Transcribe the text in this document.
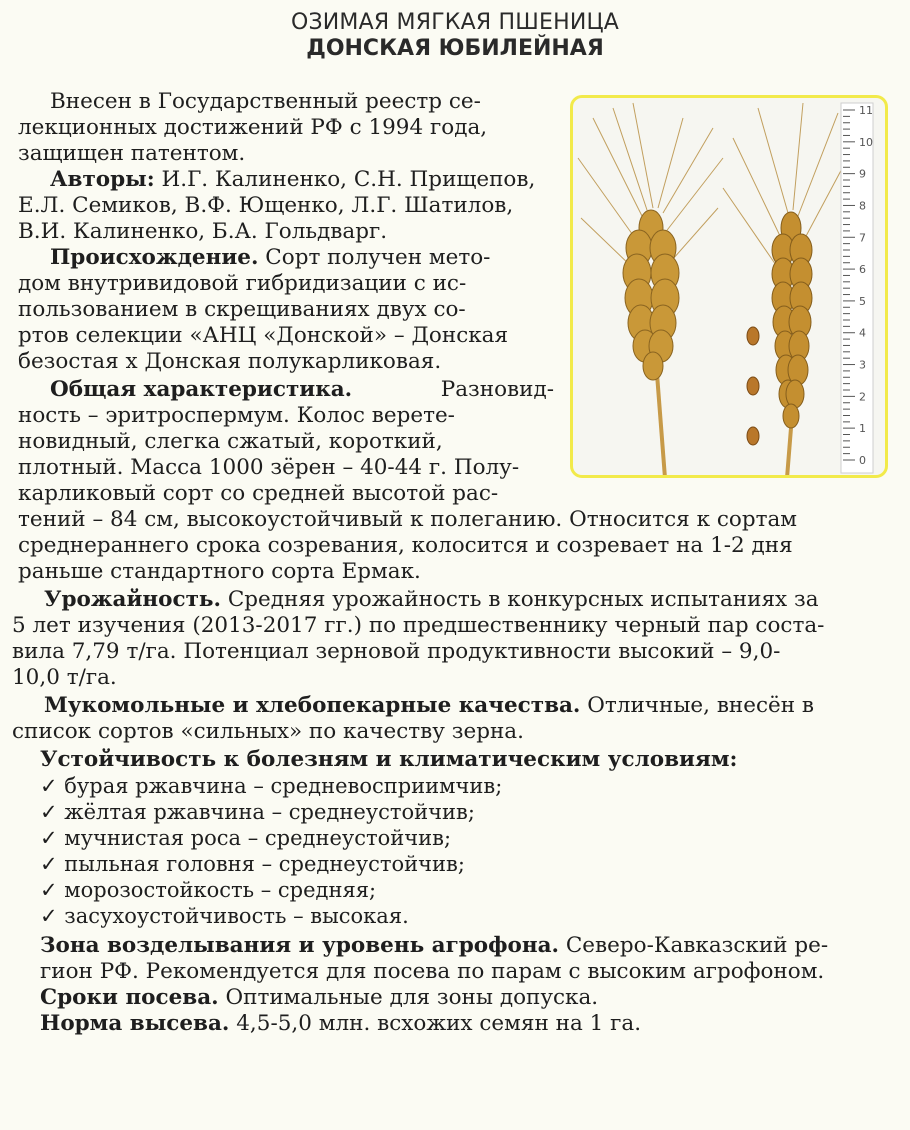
ОЗИМАЯ МЯГКАЯ ПШЕНИЦА
ДОНСКАЯ ЮБИЛЕЙНАЯ
11
10
9
8
7
6
5
4
3
2
1
0
Внесен в Государственный реестр се-
лекционных достижений РФ с 1994 года,
защищен патентом.
Авторы: И.Г. Калиненко, С.Н. Прищепов,
Е.Л. Семиков, В.Ф. Ющенко, Л.Г. Шатилов,
В.И. Калиненко, Б.А. Гольдварг.
Происхождение. Сорт получен мето-
дом внутривидовой гибридизации с ис-
пользованием в скрещиваниях двух со-
ртов селекции «АНЦ «Донской» – Донская
безостая х Донская полукарликовая.
Общая характеристика.	Разновид-
ность – эритроспермум. Колос верете-
новидный, слегка сжатый, короткий,
плотный. Масса 1000 зёрен – 40-44 г. Полу-
карликовый сорт со средней высотой рас-
тений – 84 см, высокоустойчивый к полеганию. Относится к сортам
среднераннего срока созревания, колосится и созревает на 1-2 дня
раньше стандартного сорта Ермак.
Урожайность. Средняя урожайность в конкурсных испытаниях за
5 лет изучения (2013-2017 гг.) по предшественнику черный пар соста-
вила 7,79 т/га. Потенциал зерновой продуктивности высокий – 9,0-
10,0 т/га.
Мукомольные и хлебопекарные качества. Отличные, внесён в
список сортов «сильных» по качеству зерна.
Устойчивость к болезням и климатическим условиям:
✓ бурая ржавчина – средневосприимчив;
✓ жёлтая ржавчина – среднеустойчив;
✓ мучнистая роса – среднеустойчив;
✓ пыльная головня – среднеустойчив;
✓ морозостойкость – средняя;
✓ засухоустойчивость – высокая.
Зона возделывания и уровень агрофона. Северо-Кавказский ре-
гион РФ. Рекомендуется для посева по парам с высоким агрофоном.
Сроки посева. Оптимальные для зоны допуска.
Норма высева. 4,5-5,0 млн. всхожих семян на 1 га.
